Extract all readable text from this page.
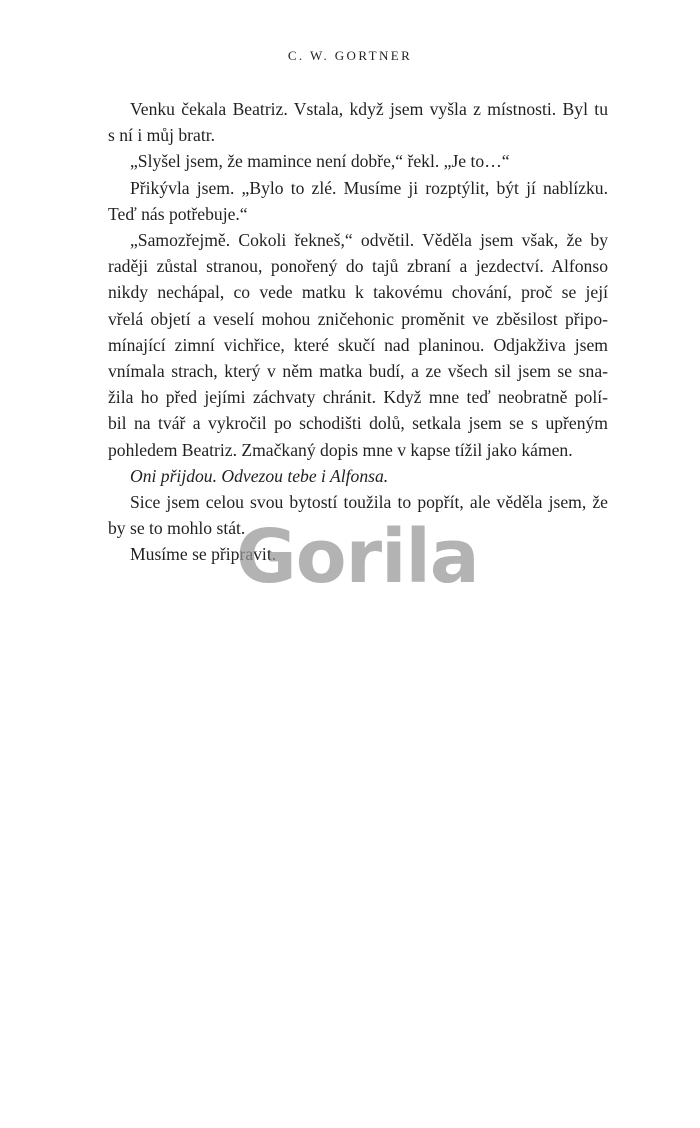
C. W. GORTNER
Venku čekala Beatriz. Vstala, když jsem vyšla z místnosti. Byl tu
s ní i můj bratr.
„Slyšel jsem, že mamince není dobře,“ řekl. „Je to…“
Přikývla jsem. „Bylo to zlé. Musíme ji rozptýlit, být jí nablízku.
Teď nás potřebuje.“
„Samozřejmě. Cokoli řekneš,“ odvětil. Věděla jsem však, že by
raději zůstal stranou, ponořený do tajů zbraní a jezdectví. Alfonso
nikdy nechápal, co vede matku k takovému chování, proč se její
vřelá objetí a veselí mohou zničehonic proměnit ve zběsilost připo-
mínající zimní vichřice, které skučí nad planinou. Odjakživa jsem
vnímala strach, který v něm matka budí, a ze všech sil jsem se sna-
žila ho před jejími záchvaty chránit. Když mne teď neobratně polí-
bil na tvář a vykročil po schodišti dolů, setkala jsem se s upřeným
pohledem Beatriz. Zmačkaný dopis mne v kapse tížil jako kámen.
Oni přijdou. Odvezou tebe i Alfonsa.
Sice jsem celou svou bytostí toužila to popřít, ale věděla jsem, že
by se to mohlo stát.
Musíme se připravit.
Gorila
